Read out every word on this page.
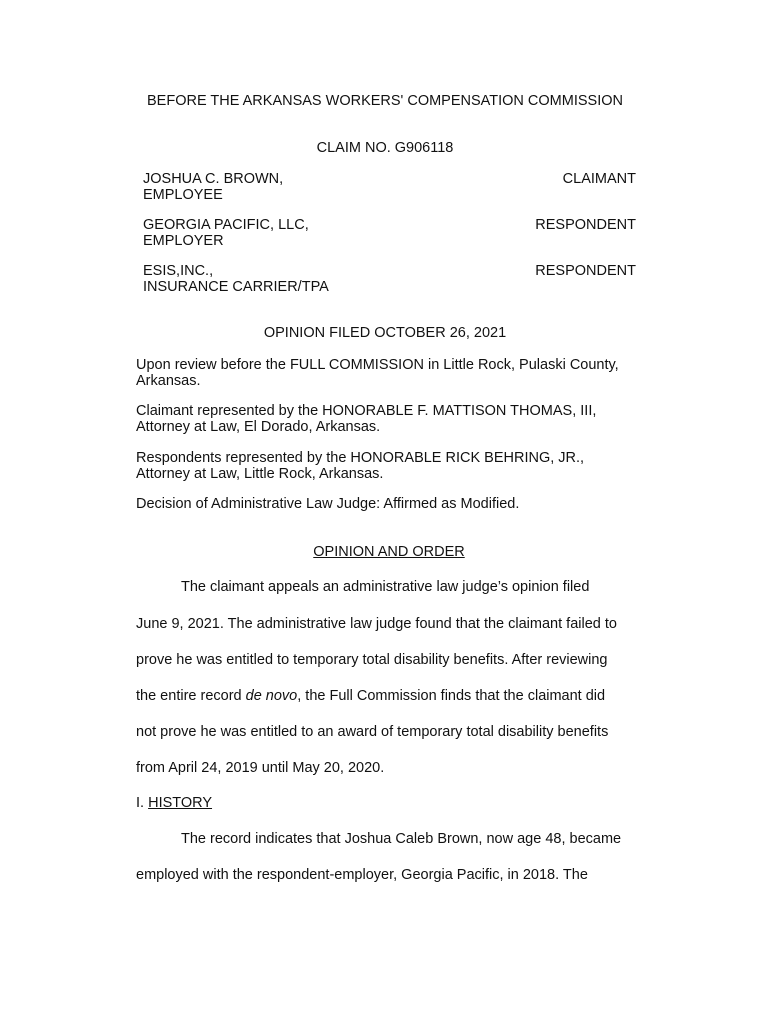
BEFORE THE ARKANSAS WORKERS' COMPENSATION COMMISSION
CLAIM NO. G906118
JOSHUA C. BROWN,
EMPLOYEE
CLAIMANT
GEORGIA PACIFIC, LLC,
EMPLOYER
RESPONDENT
ESIS,INC.,
INSURANCE CARRIER/TPA
RESPONDENT
OPINION FILED OCTOBER 26, 2021
Upon review before the FULL COMMISSION in Little Rock, Pulaski County,
Arkansas.
Claimant represented by the HONORABLE F. MATTISON THOMAS, III,
Attorney at Law, El Dorado, Arkansas.
Respondents represented by the HONORABLE RICK BEHRING, JR.,
Attorney at Law, Little Rock, Arkansas.
Decision of Administrative Law Judge: Affirmed as Modified.
OPINION AND ORDER
The claimant appeals an administrative law judge’s opinion filed
June 9, 2021. The administrative law judge found that the claimant failed to
prove he was entitled to temporary total disability benefits. After reviewing
the entire record de novo, the Full Commission finds that the claimant did
not prove he was entitled to an award of temporary total disability benefits
from April 24, 2019 until May 20, 2020.
I. HISTORY
The record indicates that Joshua Caleb Brown, now age 48, became
employed with the respondent-employer, Georgia Pacific, in 2018. The
